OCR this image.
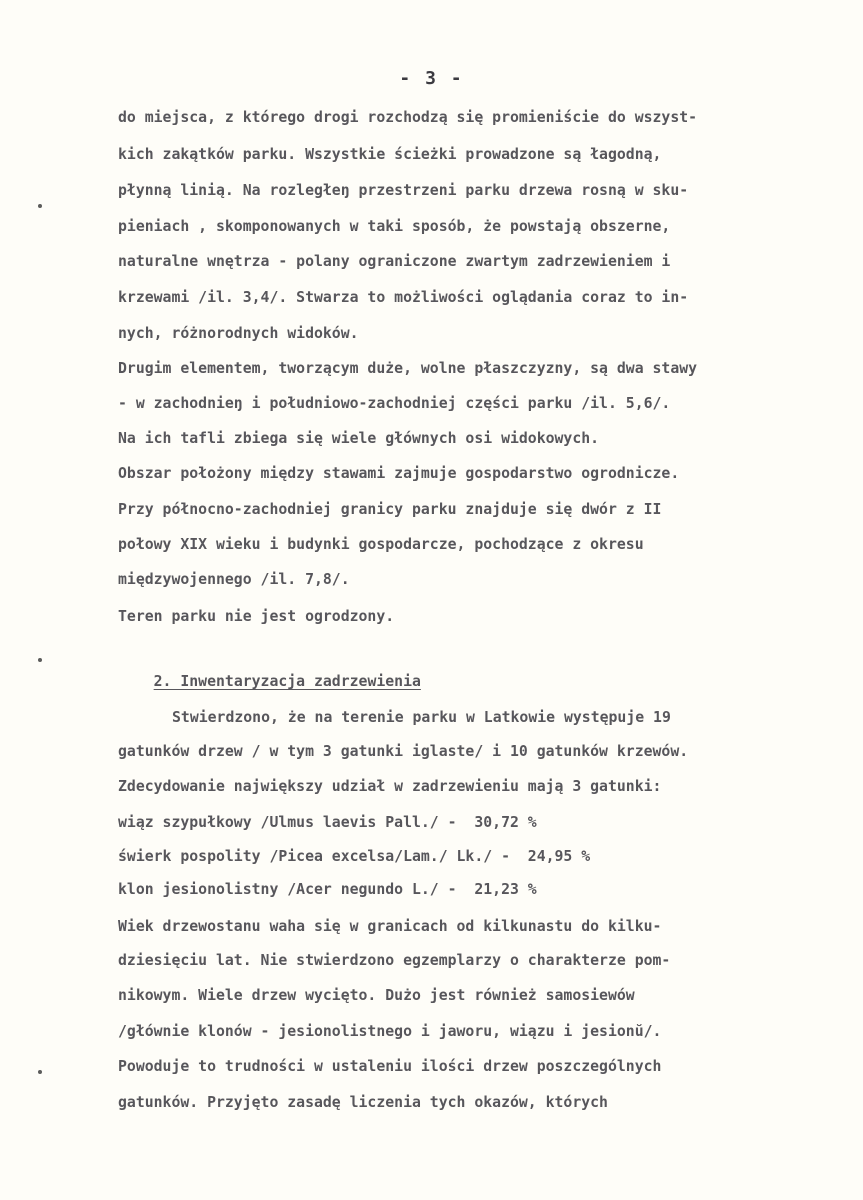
- 3 -
do miejsca, z którego drogi rozchodzą się promieniście do wszyst-
kich zakątków parku. Wszystkie ścieżki prowadzone są łagodną,
płynną linią. Na rozległeŋ przestrzeni parku drzewa rosną w sku-
pieniach , skomponowanych w taki sposób, że powstają obszerne,
naturalne wnętrza - polany ograniczone zwartym zadrzewieniem i
krzewami /il. 3,4/. Stwarza to możliwości oglądania coraz to in-
nych, różnorodnych widoków.
Drugim elementem, tworzącym duże, wolne płaszczyzny, są dwa stawy
- w zachodnieŋ i południowo-zachodniej części parku /il. 5,6/.
Na ich tafli zbiega się wiele głównych osi widokowych.
Obszar położony między stawami zajmuje gospodarstwo ogrodnicze.
Przy północno-zachodniej granicy parku znajduje się dwór z II
połowy XIX wieku i budynki gospodarcze, pochodzące z okresu
międzywojennego /il. 7,8/.
Teren parku nie jest ogrodzony.

2. Inwentaryzacja zadrzewienia

Stwierdzono, że na terenie parku w Latkowie występuje 19
gatunków drzew / w tym 3 gatunki iglaste/ i 10 gatunków krzewów.
Zdecydowanie największy udział w zadrzewieniu mają 3 gatunki:
wiąz szypułkowy /Ulmus laevis Pall./ -  30,72 %
świerk pospolity /Picea excelsa/Lam./ Lk./ -  24,95 %
klon jesionolistny /Acer negundo L./ -  21,23 %
Wiek drzewostanu waha się w granicach od kilkunastu do kilku-
dziesięciu lat. Nie stwierdzono egzemplarzy o charakterze pom-
nikowym. Wiele drzew wycięto. Dużo jest również samosiewów
/głównie klonów - jesionolistnego i jaworu, wiązu i jesionŭ/.
Powoduje to trudności w ustaleniu ilości drzew poszczególnych
gatunków. Przyjęto zasadę liczenia tych okazów, których
